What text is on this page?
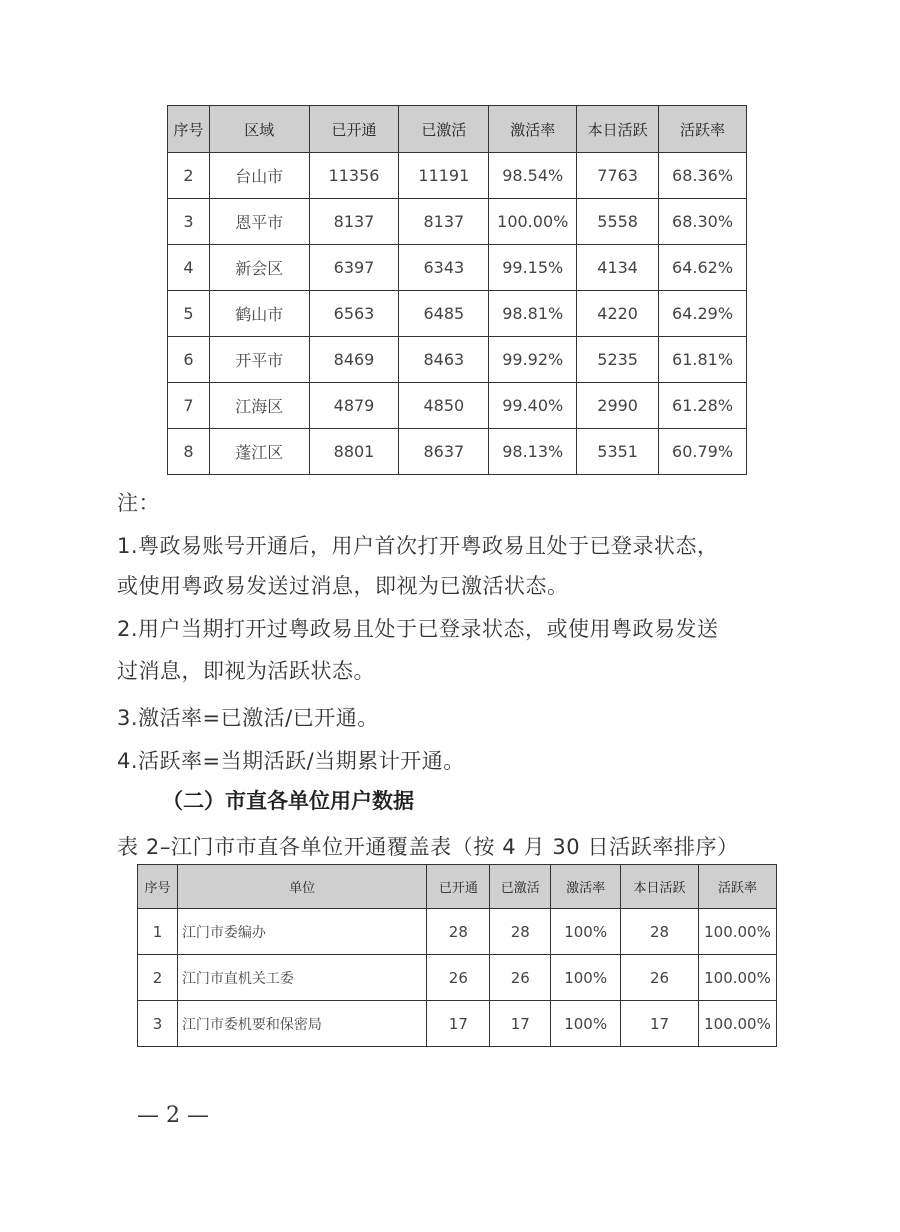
序号	区域	已开通	已激活	激活率	本日活跃	活跃率
2	台山市	11356	11191	98.54%	7763	68.36%
3	恩平市	8137	8137	100.00%	5558	68.30%
4	新会区	6397	6343	99.15%	4134	64.62%
5	鹤山市	6563	6485	98.81%	4220	64.29%
6	开平市	8469	8463	99.92%	5235	61.81%
7	江海区	4879	4850	99.40%	2990	61.28%
8	蓬江区	8801	8637	98.13%	5351	60.79%

注：

1.粤政易账号开通后，用户首次打开粤政易且处于已登录状态，

或使用粤政易发送过消息，即视为已激活状态。

2.用户当期打开过粤政易且处于已登录状态，或使用粤政易发送

过消息，即视为活跃状态。

3.激活率=已激活/已开通。

4.活跃率=当期活跃/当期累计开通。

（二）市直各单位用户数据

表 2–江门市市直各单位开通覆盖表（按 4 月 30 日活跃率排序）

序号	单位	已开通	已激活	激活率	本日活跃	活跃率
1	江门市委编办	28	28	100%	28	100.00%
2	江门市直机关工委	26	26	100%	26	100.00%
3	江门市委机要和保密局	17	17	100%	17	100.00%
— 2 —
